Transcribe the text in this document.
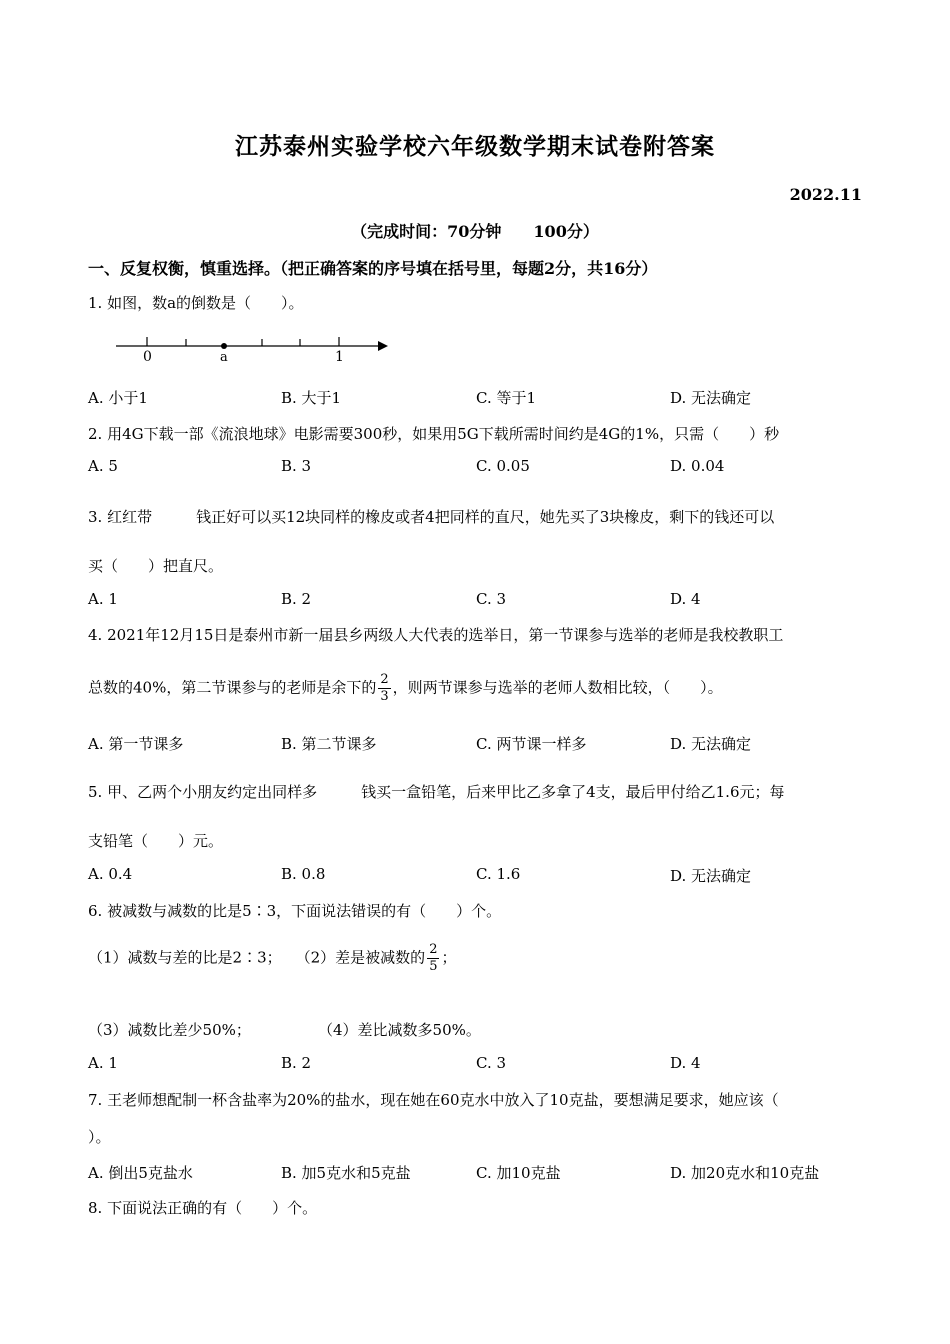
江苏泰州实验学校六年级数学期末试卷附答案
2022.11
（完成时间：70分钟　　100分）
一、反复权衡，慎重选择。（把正确答案的序号填在括号里，每题2分，共16分）
1. 如图，数a的倒数是（　　）。
0	a	1
A. 小于1	B. 大于1	C. 等于1	D. 无法确定
2. 用4G下载一部《流浪地球》电影需要300秒，如果用5G下载所需时间约是4G的1%，只需（　　）秒
A. 5	B. 3	C. 0.05	D. 0.04
3. 红红带	钱正好可以买12块同样的橡皮或者4把同样的直尺，她先买了3块橡皮，剩下的钱还可以
买（　　）把直尺。
A. 1	B. 2	C. 3	D. 4
4. 2021年12月15日是泰州市新一届县乡两级人大代表的选举日，第一节课参与选举的老师是我校教职工
总数的40%，第二节课参与的老师是余下的 $\frac{2}{3}$ ，则两节课参与选举的老师人数相比较，（　　）。
A. 第一节课多	B. 第二节课多	C. 两节课一样多	D. 无法确定
5. 甲、乙两个小朋友约定出同样多	钱买一盒铅笔，后来甲比乙多拿了4支，最后甲付给乙1.6元；每
支铅笔（　　）元。
A. 0.4	B. 0.8	C. 1.6	D. 无法确定
6. 被减数与减数的比是5∶3，下面说法错误的有（　　）个。
（1）减数与差的比是2∶3； （2）差是被减数的 $\frac{2}{5}$ ；
（3）减数比差少50%；	（4）差比减数多50%。
A. 1	B. 2	C. 3	D. 4
7. 王老师想配制一杯含盐率为20%的盐水，现在她在60克水中放入了10克盐，要想满足要求，她应该（
）。
A. 倒出5克盐水	B. 加5克水和5克盐	C. 加10克盐	D. 加20克水和10克盐
8. 下面说法正确的有（　　）个。
